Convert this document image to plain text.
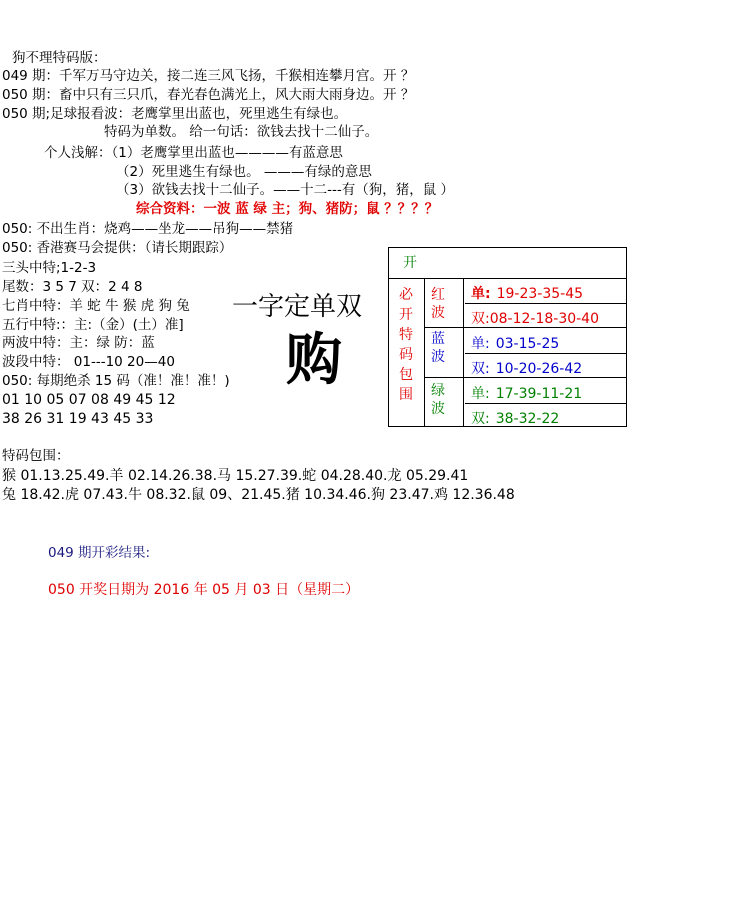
狗不理特码版：
049 期：千军万马守边关，接二连三风飞扬，千猴相连攀月宫。开 ？
050 期：畜中只有三只爪，春光春色满光上，风大雨大雨身边。开 ？
050 期;足球报看波：老鹰掌里出蓝也，死里逃生有绿也。
特码为单数。 给一句话：欲钱去找十二仙子。
个人浅解：（1）老鹰掌里出蓝也————有蓝意思
（2）死里逃生有绿也。 ———有绿的意思
（3）欲钱去找十二仙子。——十二---有（狗，猪，鼠 ）
综合资料：一波 蓝 绿 主；狗、猪防；鼠 ？？？？
050: 不出生肖：烧鸡——坐龙——吊狗——禁猪
050: 香港赛马会提供：（请长期跟踪）
三头中特;1-2-3
尾数：3 5 7 双：2 4 8
七肖中特：羊 蛇 牛 猴 虎 狗 兔
五行中特:：主:（金）(土）准]
两波中特：主：绿 防：蓝
波段中特： 01---10 20—40
050: 每期绝杀 15 码（准！准！准！)
01 10 05 07 08 49 45 12
38 26 31 19 43 45 33
一字定单双
购
开
必
开
特
码
包
围
红
波
单: 19-23-35-45
双:08-12-18-30-40
蓝
波
单: 03-15-25
双: 10-20-26-42
绿
波
单: 17-39-11-21
双: 38-32-22
特码包围：
猴 01.13.25.49.羊 02.14.26.38.马 15.27.39.蛇 04.28.40.龙 05.29.41
兔 18.42.虎 07.43.牛 08.32.鼠 09、21.45.猪 10.34.46.狗 23.47.鸡 12.36.48
049 期开彩结果:
050 开奖日期为 2016 年 05 月 03 日（星期二）
